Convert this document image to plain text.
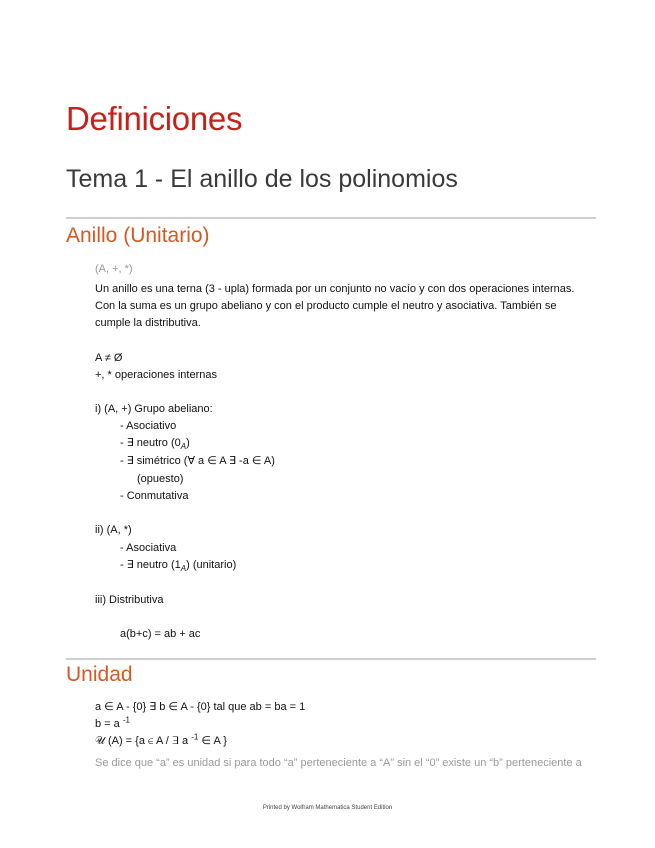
Definiciones
Tema 1 - El anillo de los polinomios
Anillo (Unitario)
(A, +, *)
Un anillo es una terna (3 - upla) formada por un conjunto no vacío y con dos operaciones internas.
Con la suma es un grupo abeliano y con el producto cumple el neutro y asociativa. También se
cumple la distributiva.
A ≠ Ø
+, * operaciones internas
i) (A, +) Grupo abeliano:
- Asociativo
- ∃ neutro $(0_A)$
- ∃ simétrico (∀ a ∈ A ∃ -a ∈ A)
(opuesto)
- Conmutativa
ii) (A, *)
- Asociativa
- ∃ neutro $(1_A)$ (unitario)
iii) Distributiva
a(b+c) = ab + ac
Unidad
a ∈ A - {0} ∃ b ∈ A - {0} tal que ab = ba = 1
b = a $^{-1}$
𝒰 (A) = {a ∈ A / ∃ a $^{-1}$ ∈ A }
Se dice que “a” es unidad si para todo “a” perteneciente a “A” sin el “0” existe un “b” perteneciente a
Printed by Wolfram Mathematica Student Edition
